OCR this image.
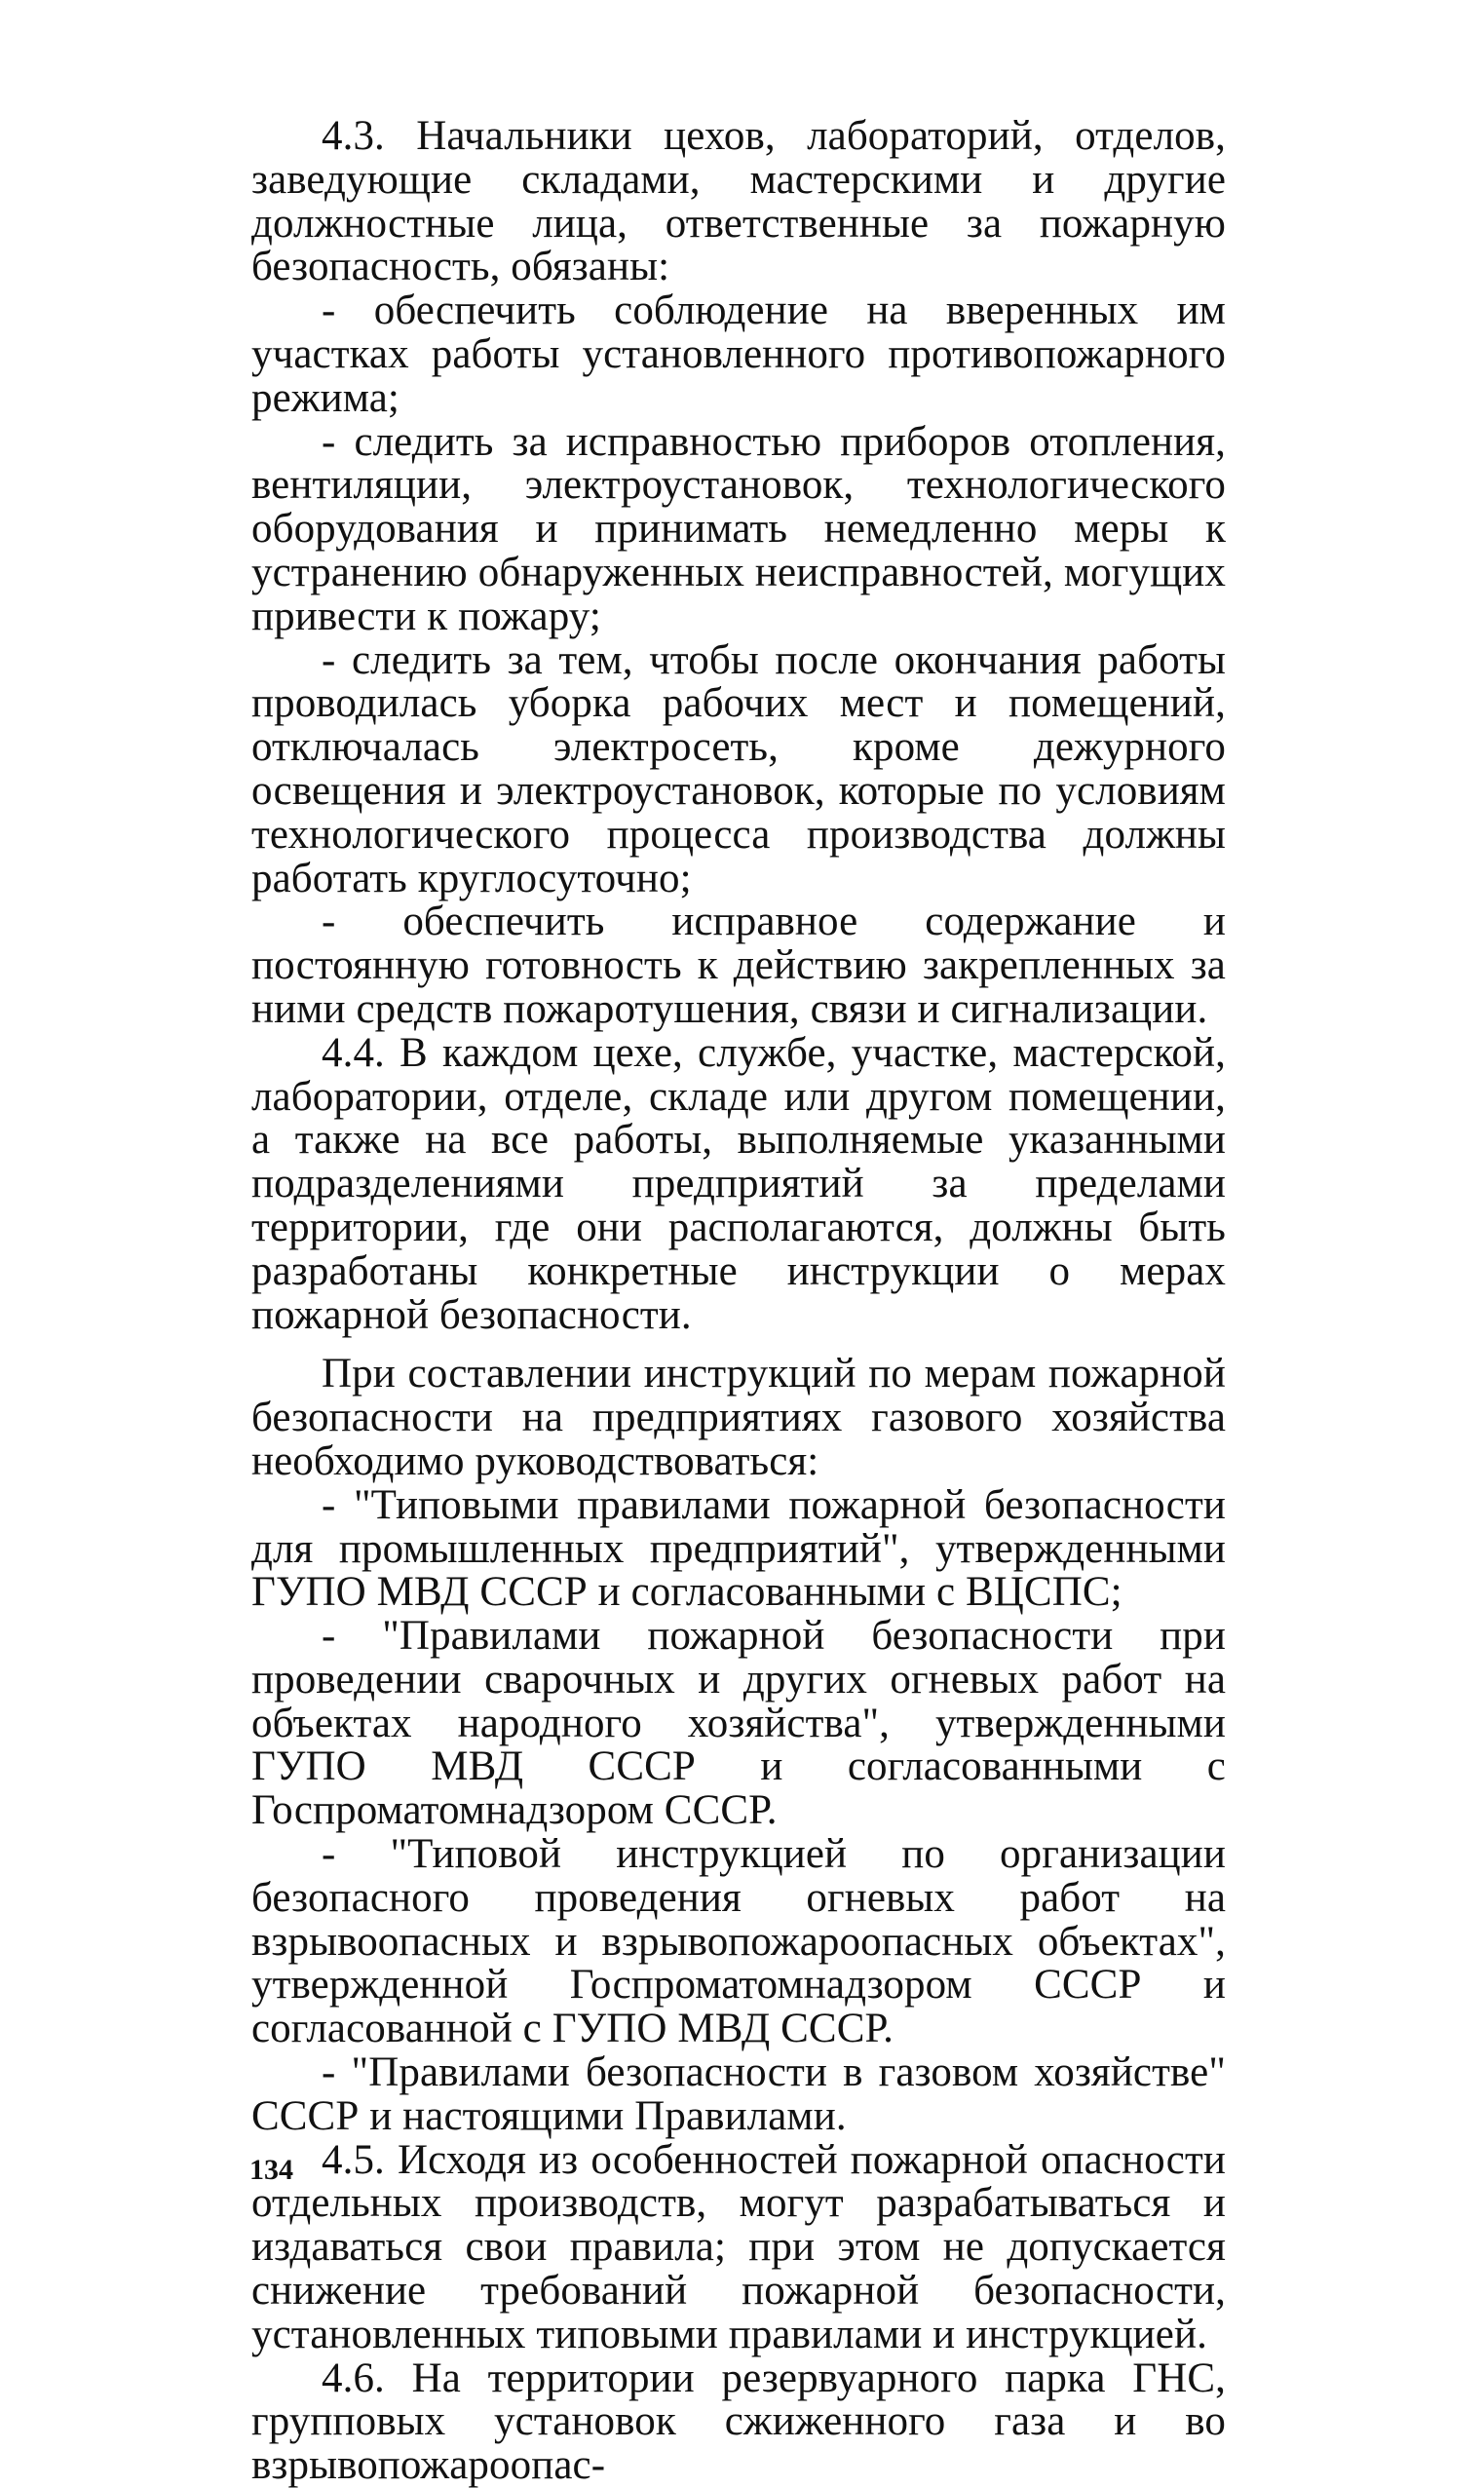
4.3. Начальники цехов, лабораторий, отделов, заведующие складами, мастерскими и другие должностные лица, ответственные за пожарную безопасность, обязаны:

- обеспечить соблюдение на вверенных им участках работы установленного противопожарного режима;

- следить за исправностью приборов отопления, вентиляции, электроустановок, технологического оборудования и принимать немедленно меры к устранению обнаруженных неисправностей, могущих привести к пожару;

- следить за тем, чтобы после окончания работы проводилась уборка рабочих мест и помещений, отключалась электросеть, кроме дежурного освещения и электроустановок, которые по условиям технологического процесса производства должны работать круглосуточно;

- обеспечить исправное содержание и постоянную готовность к действию закрепленных за ними средств пожаротушения, связи и сигнализации.

4.4. В каждом цехе, службе, участке, мастерской, лаборатории, отделе, складе или другом помещении, а также на все работы, выполняемые указанными подразделениями предприятий за пределами территории, где они располагаются, должны быть разработаны конкретные инструкции о мерах пожарной безопасности.

При составлении инструкций по мерам пожарной безопасности на предприятиях газового хозяйства необходимо руководствоваться:

- "Типовыми правилами пожарной безопасности для промышленных предприятий", утвержденными ГУПО МВД СССР и согласованными с ВЦСПС;

- "Правилами пожарной безопасности при проведении сварочных и других огневых работ на объектах народного хозяйства", утвержденными ГУПО МВД СССР и согласованными с Госпроматомнадзором СССР.

- "Типовой инструкцией по организации безопасного проведения огневых работ на взрывоопасных и взрывопожароопасных объектах", утвержденной Госпроматомнадзором СССР и согласованной с ГУПО МВД СССР.

- "Правилами безопасности в газовом хозяйстве" СССР и настоящими Правилами.

4.5. Исходя из особенностей пожарной опасности отдельных производств, могут разрабатываться и издаваться свои правила; при этом не допускается снижение требований пожарной безопасности, установленных типовыми правилами и инструкцией.

4.6. На территории резервуарного парка ГНС, групповых установок сжиженного газа и во взрывопожароопас-

134
